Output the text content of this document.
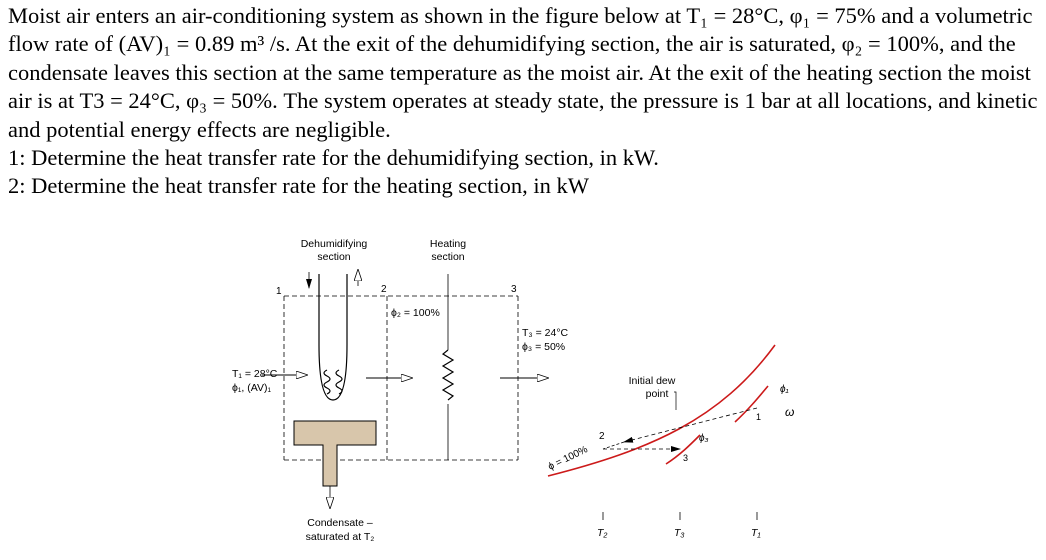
Moist air enters an air-conditioning system as shown in the figure below at T₁ = 28°C, φ₁ = 75% and a volumetric flow rate of (AV)₁ = 0.89 m³ /s. At the exit of the dehumidifying section, the air is saturated, φ₂ = 100%, and the condensate leaves this section at the same temperature as the moist air. At the exit of the heating section the moist air is at T3 = 24°C, φ₃ = 50%. The system operates at steady state, the pressure is 1 bar at all locations, and kinetic and potential energy effects are negligible.

1: Determine the heat transfer rate for the dehumidifying section, in kW.

2: Determine the heat transfer rate for the heating section, in kW

Dehumidifying
section
Heating
section
1	2	3
Condensate –
saturated at T₂
T₁ = 28°C
ϕ₁, (AV)₁
ϕ₂ = 100%
T₃ = 24°C
ϕ₃ = 50%
ϕ = 100%
ϕ₁
ϕ₃
ω
Initial dew
point
1
2
3
T₂	T₃	T₁
